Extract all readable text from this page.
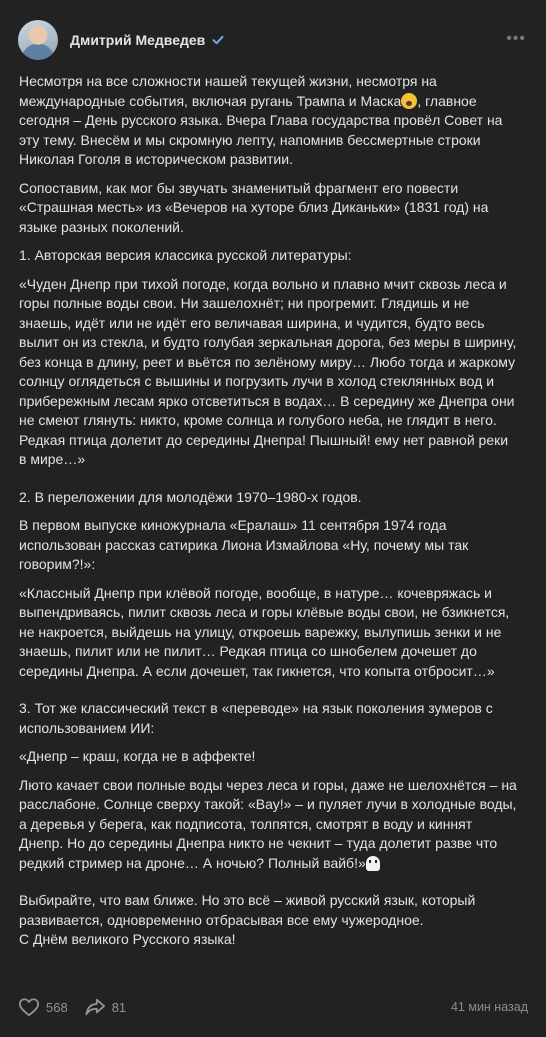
Дмитрий Медведев	•••

Несмотря на все сложности нашей текущей жизни, несмотря на международные события, включая ругань Трампа и Маска , главное сегодня – День русского языка. Вчера Глава государства провёл Совет на эту тему. Внесём и мы скромную лепту, напомнив бессмертные строки Николая Гоголя в историческом развитии.

Сопоставим, как мог бы звучать знаменитый фрагмент его повести «Страшная месть» из «Вечеров на хуторе близ Диканьки» (1831 год) на языке разных поколений.

1. Авторская версия классика русской литературы:

«Чуден Днепр при тихой погоде, когда вольно и плавно мчит сквозь леса и горы полные воды свои. Ни зашелохнёт; ни прогремит. Глядишь и не знаешь, идёт или не идёт его величавая ширина, и чудится, будто весь вылит он из стекла, и будто голубая зеркальная дорога, без меры в ширину, без конца в длину, реет и вьётся по зелёному миру… Любо тогда и жаркому солнцу оглядеться с вышины и погрузить лучи в холод стеклянных вод и прибережным лесам ярко отсветиться в водах… В середину же Днепра они не смеют глянуть: никто, кроме солнца и голубого неба, не глядит в него. Редкая птица долетит до середины Днепра! Пышный! ему нет равной реки в мире…»

2. В переложении для молодёжи 1970–1980-х годов.

В первом выпуске киножурнала «Ералаш» 11 сентября 1974 года использован рассказ сатирика Лиона Измайлова «Ну, почему мы так говорим?!»:

«Классный Днепр при клёвой погоде, вообще, в натуре… кочевряжась и выпендриваясь, пилит сквозь леса и горы клёвые воды свои, не бзикнется, не накроется, выйдешь на улицу, откроешь варежку, вылупишь зенки и не знаешь, пилит или не пилит… Редкая птица со шнобелем дочешет до середины Днепра. А если дочешет, так гикнется, что копыта отбросит…»

3. Тот же классический текст в «переводе» на язык поколения зумеров с использованием ИИ:

«Днепр – краш, когда не в аффекте!

Люто качает свои полные воды через леса и горы, даже не шелохнётся – на расслабоне. Солнце сверху такой: «Вау!» – и пуляет лучи в холодные воды, а деревья у берега, как подписота, толпятся, смотрят в воду и киннят Днепр. Но до середины Днепра никто не чекнит – туда долетит разве что редкий стример на дроне… А ночью? Полный вайб!»

Выбирайте, что вам ближе. Но это всё – живой русский язык, который развивается, одновременно отбрасывая все ему чужеродное.
С Днём великого Русского языка!

568	81	41 мин назад
